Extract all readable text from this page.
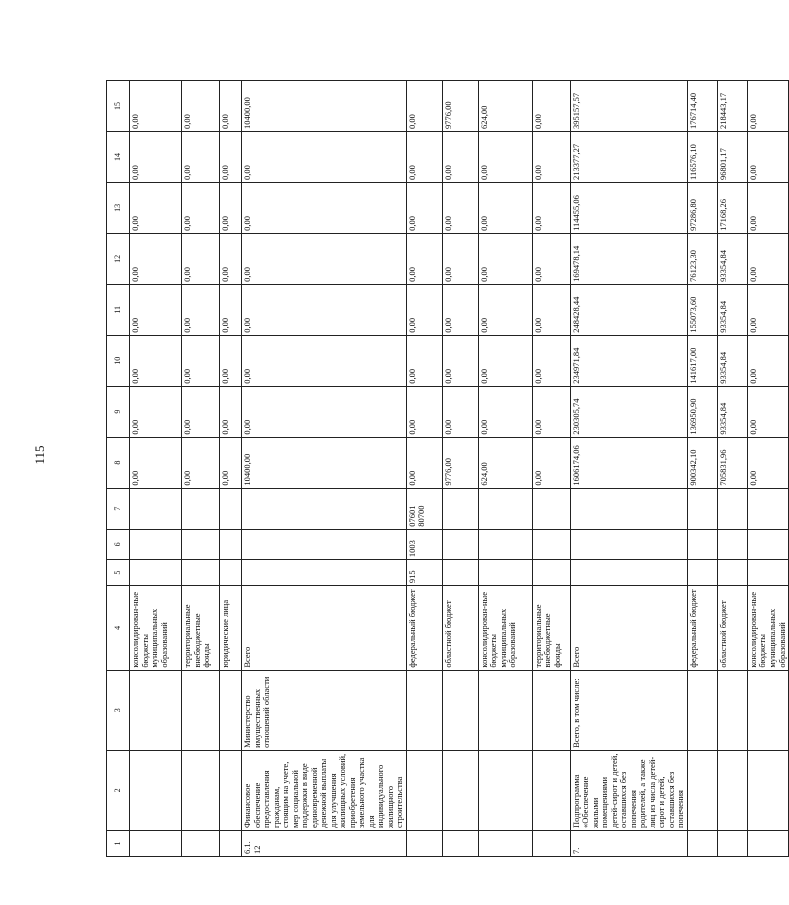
115
1	2	3	4	5	6	7	8	9	10	11	12	13	14	15
			консолидирован-ные бюджеты муниципальных образований				0,00	0,00	0,00	0,00	0,00	0,00	0,00	0,00
			территориальные внебюджетные фонды				0,00	0,00	0,00	0,00	0,00	0,00	0,00	0,00
			юридические лица				0,00	0,00	0,00	0,00	0,00	0,00	0,00	0,00
6.1. 12	Финансовое обеспечение предоставления гражданам, стоящим на учете, мер социальной поддержки в виде единовременной денежной выплаты для улучшения жилищных условий, приобретения земельного участка для индивидуального жилищного строительства	Министерство имущественных отношений области	Всего				10400,00	0,00	0,00	0,00	0,00	0,00	0,00	10400,00
			федеральный бюджет	915	1003	07601 80700	0,00	0,00	0,00	0,00	0,00	0,00	0,00	0,00
			областной бюджет				9776,00	0,00	0,00	0,00	0,00	0,00	0,00	9776,00
			консолидирован-ные бюджеты муниципальных образований				624,00	0,00	0,00	0,00	0,00	0,00	0,00	624,00
			территориальные внебюджетные фонды				0,00	0,00	0,00	0,00	0,00	0,00	0,00	0,00
7.	Подпрограмма «Обеспечение жилыми помещениями детей-сирот и детей, оставшихся без попечения родителей, а также лиц из числа детей-сирот и детей, оставшихся без попечения	Всего, в том числе:	Всего				1606174,06	230305,74	234971,84	248428,44	169478,14	114455,06	213377,27	395157,57
			федеральный бюджет				900342,10	136950,90	141617,00	155073,60	76123,30	97286,80	116576,10	176714,40
			областной бюджет				705831,96	93354,84	93354,84	93354,84	93354,84	17168,26	96801,17	218443,17
			консолидирован-ные бюджеты муниципальных образований				0,00	0,00	0,00	0,00	0,00	0,00	0,00	0,00
